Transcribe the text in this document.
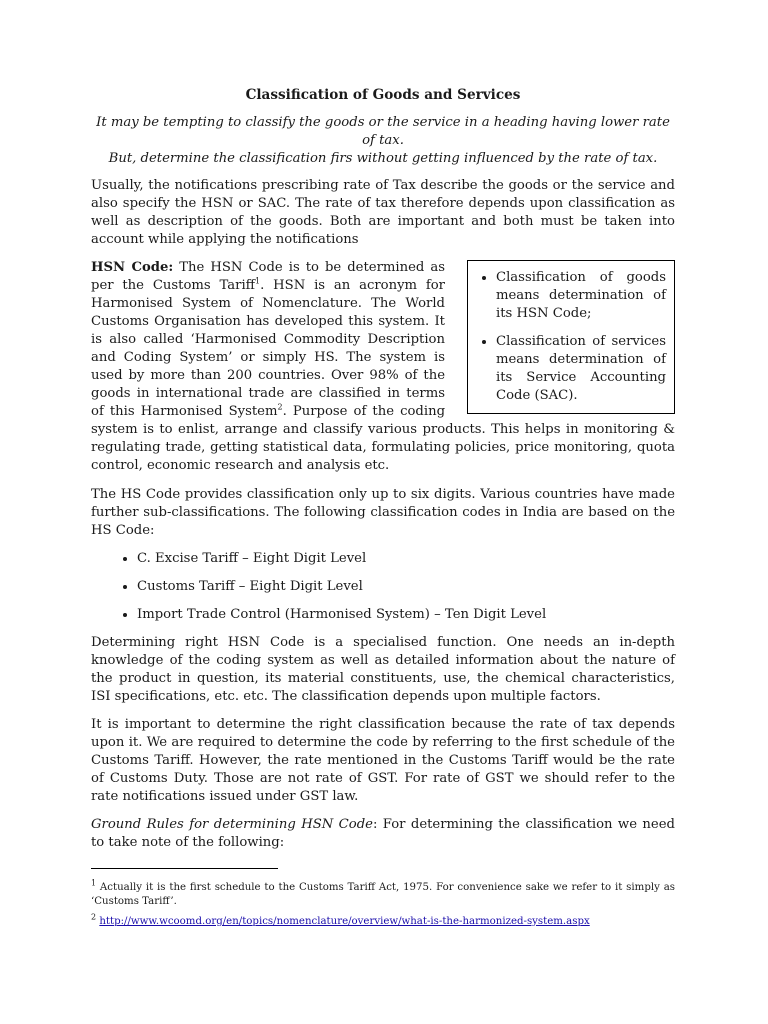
Classification of Goods and Services
It may be tempting to classify the goods or the service in a heading having lower rate of tax.
But, determine the classification firs without getting influenced by the rate of tax.

Usually, the notifications prescribing rate of Tax describe the goods or the service and also specify the HSN or SAC. The rate of tax therefore depends upon classification as well as description of the goods. Both are important and both must be taken into account while applying the notifications

• Classification of goods means determination of its HSN Code;
• Classification of services means determination of its Service Accounting Code (SAC).

HSN Code: The HSN Code is to be determined as per the Customs Tariff$^1$. HSN is an acronym for Harmonised System of Nomenclature. The World Customs Organisation has developed this system. It is also called ‘Harmonised Commodity Description and Coding System’ or simply HS. The system is used by more than 200 countries. Over 98% of the goods in international trade are classified in terms of this Harmonised System$^2$. Purpose of the coding system is to enlist, arrange and classify various products. This helps in monitoring & regulating trade, getting statistical data, formulating policies, price monitoring, quota control, economic research and analysis etc.

The HS Code provides classification only up to six digits. Various countries have made further sub-classifications. The following classification codes in India are based on the HS Code:

• C. Excise Tariff – Eight Digit Level
• Customs Tariff – Eight Digit Level
• Import Trade Control (Harmonised System) – Ten Digit Level

Determining right HSN Code is a specialised function. One needs an in-depth knowledge of the coding system as well as detailed information about the nature of the product in question, its material constituents, use, the chemical characteristics, ISI specifications, etc. etc. The classification depends upon multiple factors.

It is important to determine the right classification because the rate of tax depends upon it. We are required to determine the code by referring to the first schedule of the Customs Tariff. However, the rate mentioned in the Customs Tariff would be the rate of Customs Duty. Those are not rate of GST. For rate of GST we should refer to the rate notifications issued under GST law.

Ground Rules for determining HSN Code: For determining the classification we need to take note of the following:

$^1$ Actually it is the first schedule to the Customs Tariff Act, 1975. For convenience sake we refer to it simply as ‘Customs Tariff’.
$^2$ http://www.wcoomd.org/en/topics/nomenclature/overview/what-is-the-harmonized-system.aspx
